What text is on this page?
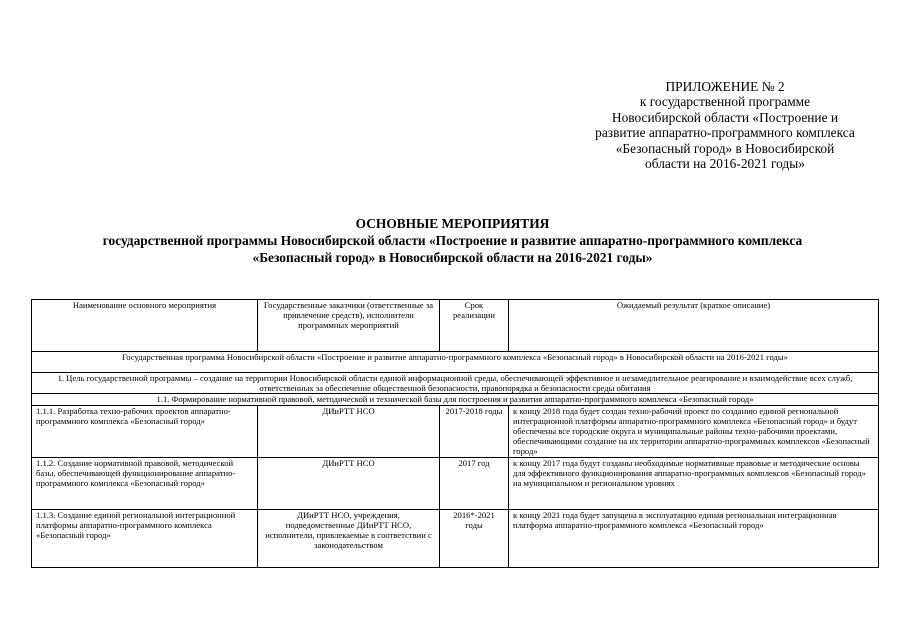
ПРИЛОЖЕНИЕ № 2
к государственной программе
Новосибирской области «Построение и
развитие аппаратно-программного комплекса
«Безопасный город» в Новосибирской
области на 2016-2021 годы»
ОСНОВНЫЕ МЕРОПРИЯТИЯ
государственной программы Новосибирской области «Построение и развитие аппаратно-программного комплекса
«Безопасный город» в Новосибирской области на 2016-2021 годы»
Наименование основного мероприятия	Государственные заказчики (ответственные за привлечение средств), исполнители программных мероприятий	Срок реализации	Ожидаемый результат (краткое описание)
Государственная программа Новосибирской области «Построение и развитие аппаратно-программного комплекса «Безопасный город» в Новосибирской области на 2016-2021 годы»			
1. Цель государственной программы – создание на территории Новосибирской области единой информационной среды, обеспечивающей эффективное и незамедлительное реагирование и взаимодействие всех служб, ответственных за обеспечение общественной безопасности, правопорядка и безопасности среды обитания			
1.1. Формирование нормативной правовой, методической и технической базы для построения и развития аппаратно-программного комплекса «Безопасный город»			
1.1.1. Разработка техно-рабочих проектов аппаратно-программного комплекса «Безопасный город»	ДИиРТТ НСО	2017-2018 годы	к концу 2018 года будет создан техно-рабочий проект по созданию единой региональной интеграционной платформы аппаратно-программного комплекса «Безопасный город» и будут обеспечены все городские округа и муниципальные районы техно-рабочими проектами, обеспечивающими создание на их территории аппаратно-программных комплексов «Безопасный город»
1.1.2. Создание нормативной правовой, методической базы, обеспечивающей функционирование аппаратно-программного комплекса «Безопасный город»	ДИиРТТ НСО	2017 год	к концу 2017 года будут созданы необходимые нормативные правовые и методические основы для эффективного функционирования аппаратно-программных комплексов «Безопасный город» на муниципальном и региональном уровнях
1.1.3. Создание единой региональной интеграционной платформы аппаратно-программного комплекса «Безопасный город»	ДИиРТТ НСО, учреждения, подведомственные ДИиРТТ НСО, исполнители, привлекаемые в соответствии с законодательством	2016*-2021 годы	к концу 2021 года будет запущена в эксплуатацию единая региональная интеграционная платформа аппаратно-программного комплекса «Безопасный город»
